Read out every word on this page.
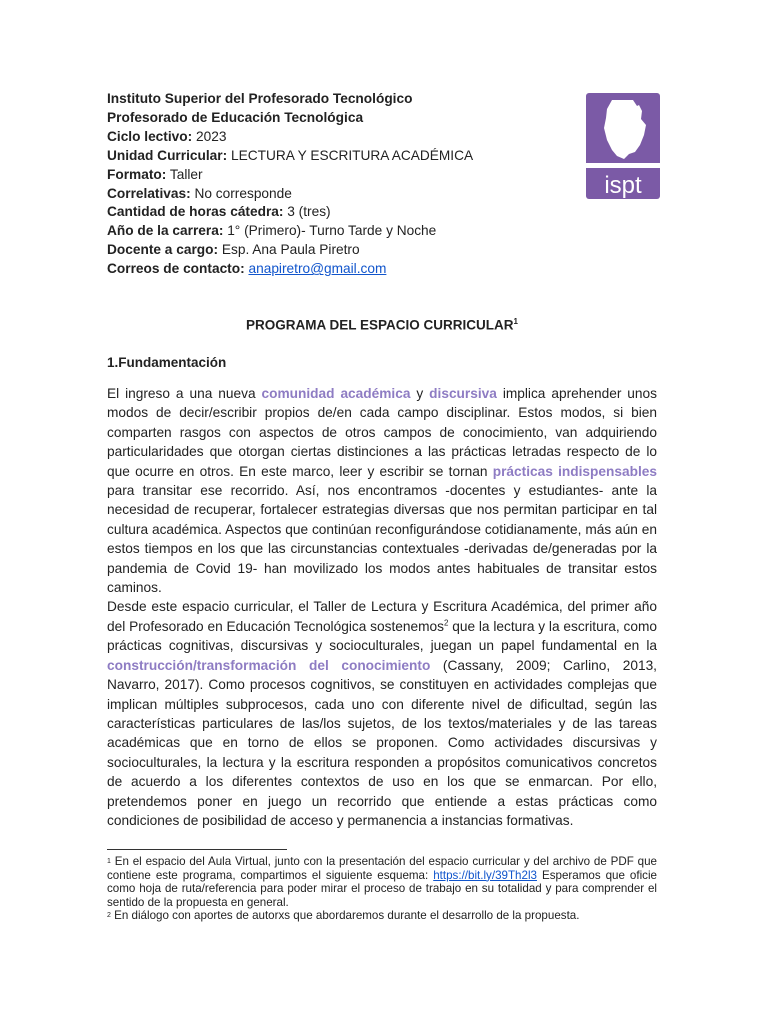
Instituto Superior del Profesorado Tecnológico
Profesorado de Educación Tecnológica
Ciclo lectivo: 2023
Unidad Curricular: LECTURA Y ESCRITURA ACADÉMICA
Formato: Taller
Correlativas: No corresponde
Cantidad de horas cátedra: 3 (tres)
Año de la carrera: 1° (Primero)- Turno Tarde y Noche
Docente a cargo: Esp. Ana Paula Piretro
Correos de contacto: anapiretro@gmail.com
ispt
PROGRAMA DEL ESPACIO CURRICULAR$^1$
1.Fundamentación

El ingreso a una nueva comunidad académica y discursiva implica aprehender unos modos de decir/escribir propios de/en cada campo disciplinar. Estos modos, si bien comparten rasgos con aspectos de otros campos de conocimiento, van adquiriendo particularidades que otorgan ciertas distinciones a las prácticas letradas respecto de lo que ocurre en otros. En este marco, leer y escribir se tornan prácticas indispensables para transitar ese recorrido. Así, nos encontramos -docentes y estudiantes- ante la necesidad de recuperar, fortalecer estrategias diversas que nos permitan participar en tal cultura académica. Aspectos que continúan reconfigurándose cotidianamente, más aún en estos tiempos en los que las circunstancias contextuales -derivadas de/generadas por la pandemia de Covid 19- han movilizado los modos antes habituales de transitar estos caminos.

Desde este espacio curricular, el Taller de Lectura y Escritura Académica, del primer año del Profesorado en Educación Tecnológica sostenemos$^2$ que la lectura y la escritura, como prácticas cognitivas, discursivas y socioculturales, juegan un papel fundamental en la construcción/transformación del conocimiento (Cassany, 2009; Carlino, 2013, Navarro, 2017). Como procesos cognitivos, se constituyen en actividades complejas que implican múltiples subprocesos, cada uno con diferente nivel de dificultad, según las características particulares de las/los sujetos, de los textos/materiales y de las tareas académicas que en torno de ellos se proponen. Como actividades discursivas y socioculturales, la lectura y la escritura responden a propósitos comunicativos concretos de acuerdo a los diferentes contextos de uso en los que se enmarcan. Por ello, pretendemos poner en juego un recorrido que entiende a estas prácticas como condiciones de posibilidad de acceso y permanencia a instancias formativas.

$^1$ En el espacio del Aula Virtual, junto con la presentación del espacio curricular y del archivo de PDF que contiene este programa, compartimos el siguiente esquema: https://bit.ly/39Th2l3 Esperamos que oficie como hoja de ruta/referencia para poder mirar el proceso de trabajo en su totalidad y para comprender el sentido de la propuesta en general.

$^2$ En diálogo con aportes de autorxs que abordaremos durante el desarrollo de la propuesta.
